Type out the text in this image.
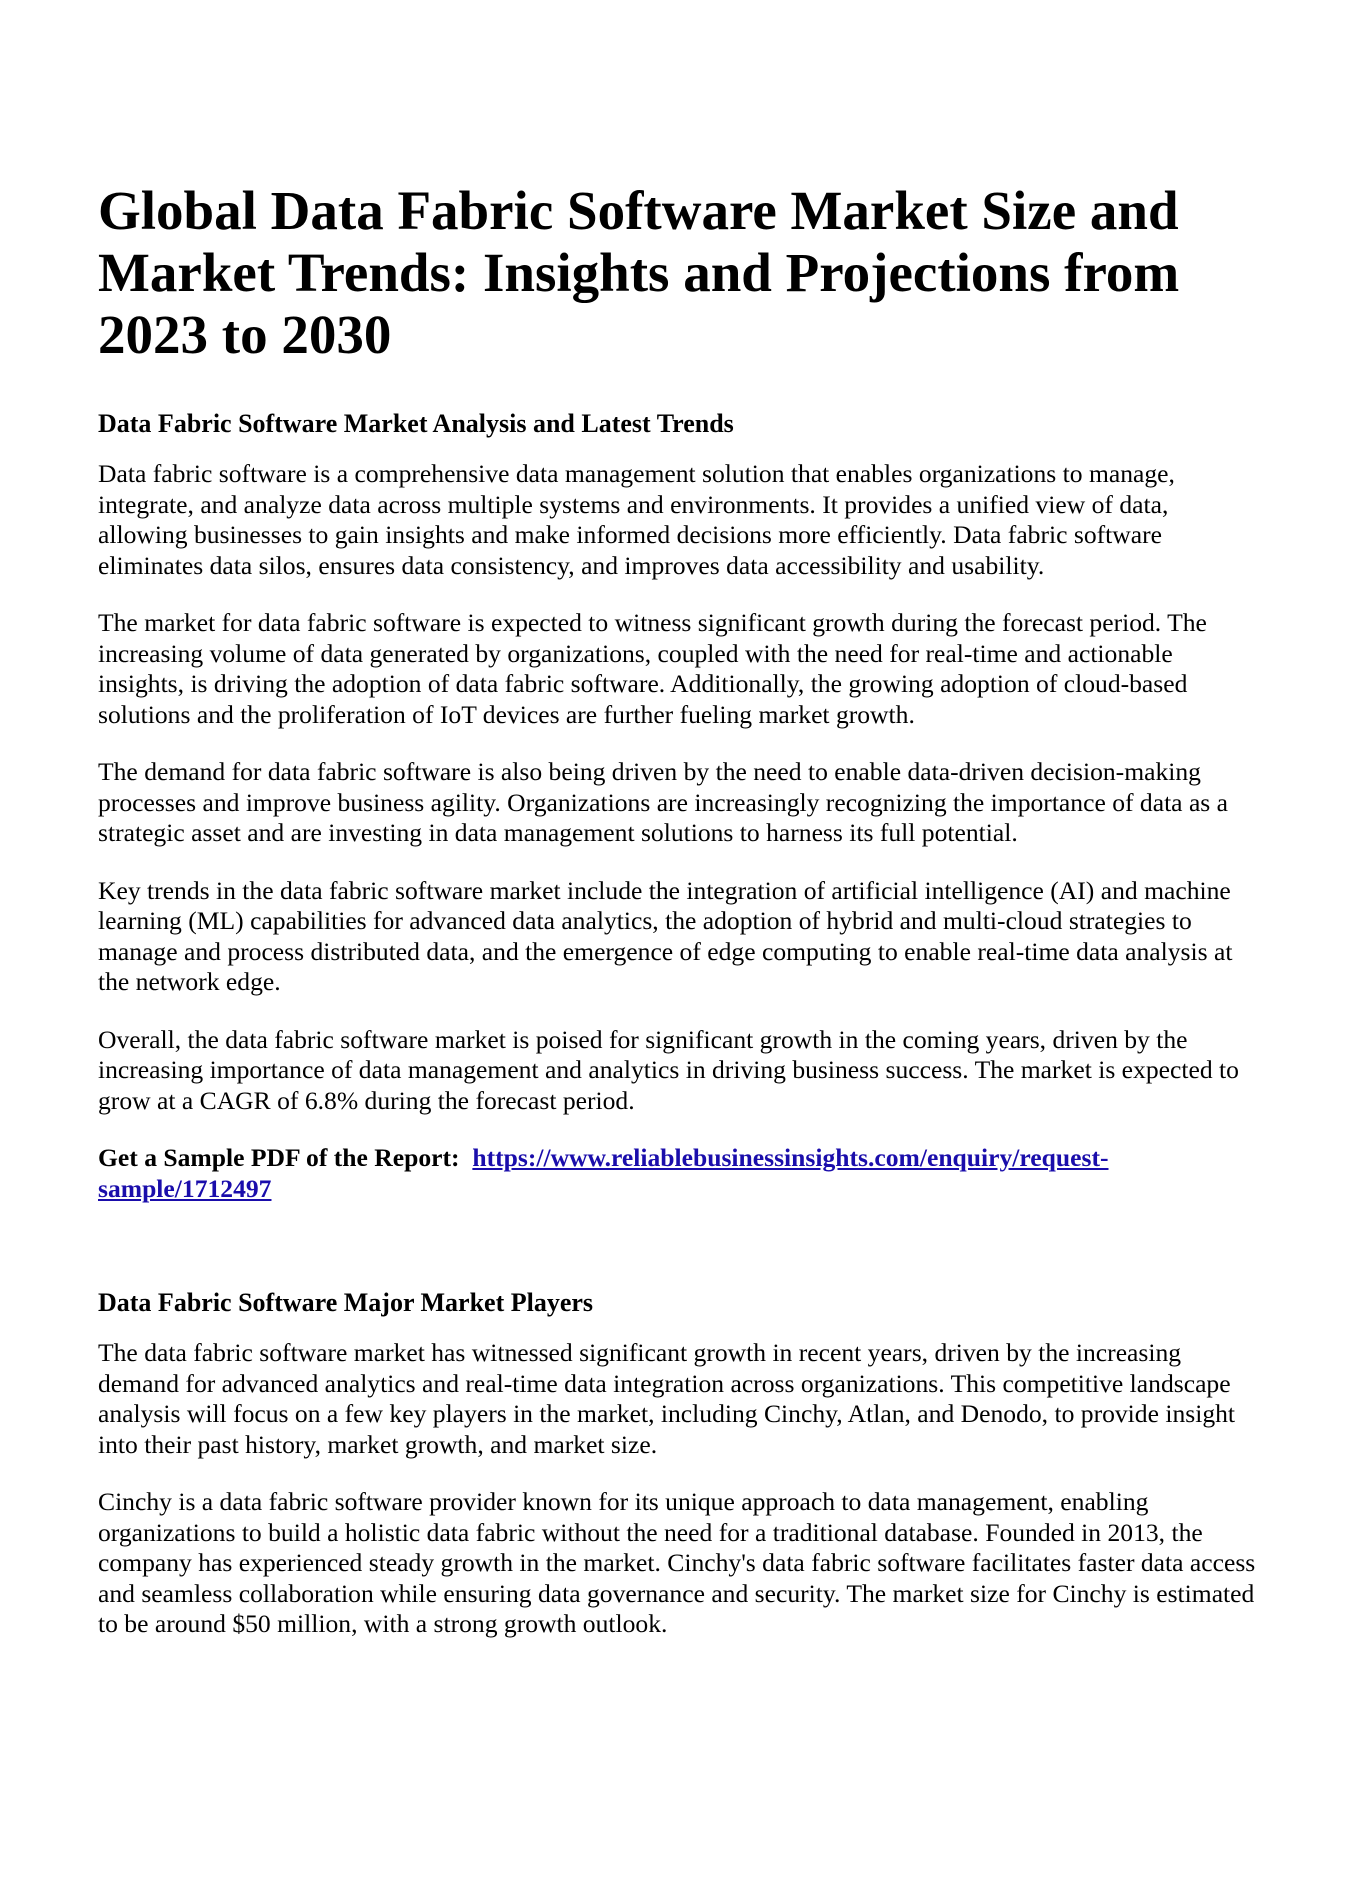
Global Data Fabric Software Market Size and Market Trends: Insights and Projections from 2023 to 2030
Data Fabric Software Market Analysis and Latest Trends

Data fabric software is a comprehensive data management solution that enables organizations to manage, integrate, and analyze data across multiple systems and environments. It provides a unified view of data, allowing businesses to gain insights and make informed decisions more efficiently. Data fabric software eliminates data silos, ensures data consistency, and improves data accessibility and usability.

The market for data fabric software is expected to witness significant growth during the forecast period. The increasing volume of data generated by organizations, coupled with the need for real-time and actionable insights, is driving the adoption of data fabric software. Additionally, the growing adoption of cloud-based solutions and the proliferation of IoT devices are further fueling market growth.

The demand for data fabric software is also being driven by the need to enable data-driven decision-making processes and improve business agility. Organizations are increasingly recognizing the importance of data as a strategic asset and are investing in data management solutions to harness its full potential.

Key trends in the data fabric software market include the integration of artificial intelligence (AI) and machine learning (ML) capabilities for advanced data analytics, the adoption of hybrid and multi-cloud strategies to manage and process distributed data, and the emergence of edge computing to enable real-time data analysis at the network edge.

Overall, the data fabric software market is poised for significant growth in the coming years, driven by the increasing importance of data management and analytics in driving business success. The market is expected to grow at a CAGR of 6.8% during the forecast period.

Get a Sample PDF of the Report: https://www.reliablebusinessinsights.com/enquiry/request-sample/1712497

Data Fabric Software Major Market Players

The data fabric software market has witnessed significant growth in recent years, driven by the increasing demand for advanced analytics and real-time data integration across organizations. This competitive landscape analysis will focus on a few key players in the market, including Cinchy, Atlan, and Denodo, to provide insight into their past history, market growth, and market size.

Cinchy is a data fabric software provider known for its unique approach to data management, enabling organizations to build a holistic data fabric without the need for a traditional database. Founded in 2013, the company has experienced steady growth in the market. Cinchy's data fabric software facilitates faster data access and seamless collaboration while ensuring data governance and security. The market size for Cinchy is estimated to be around $50 million, with a strong growth outlook.
